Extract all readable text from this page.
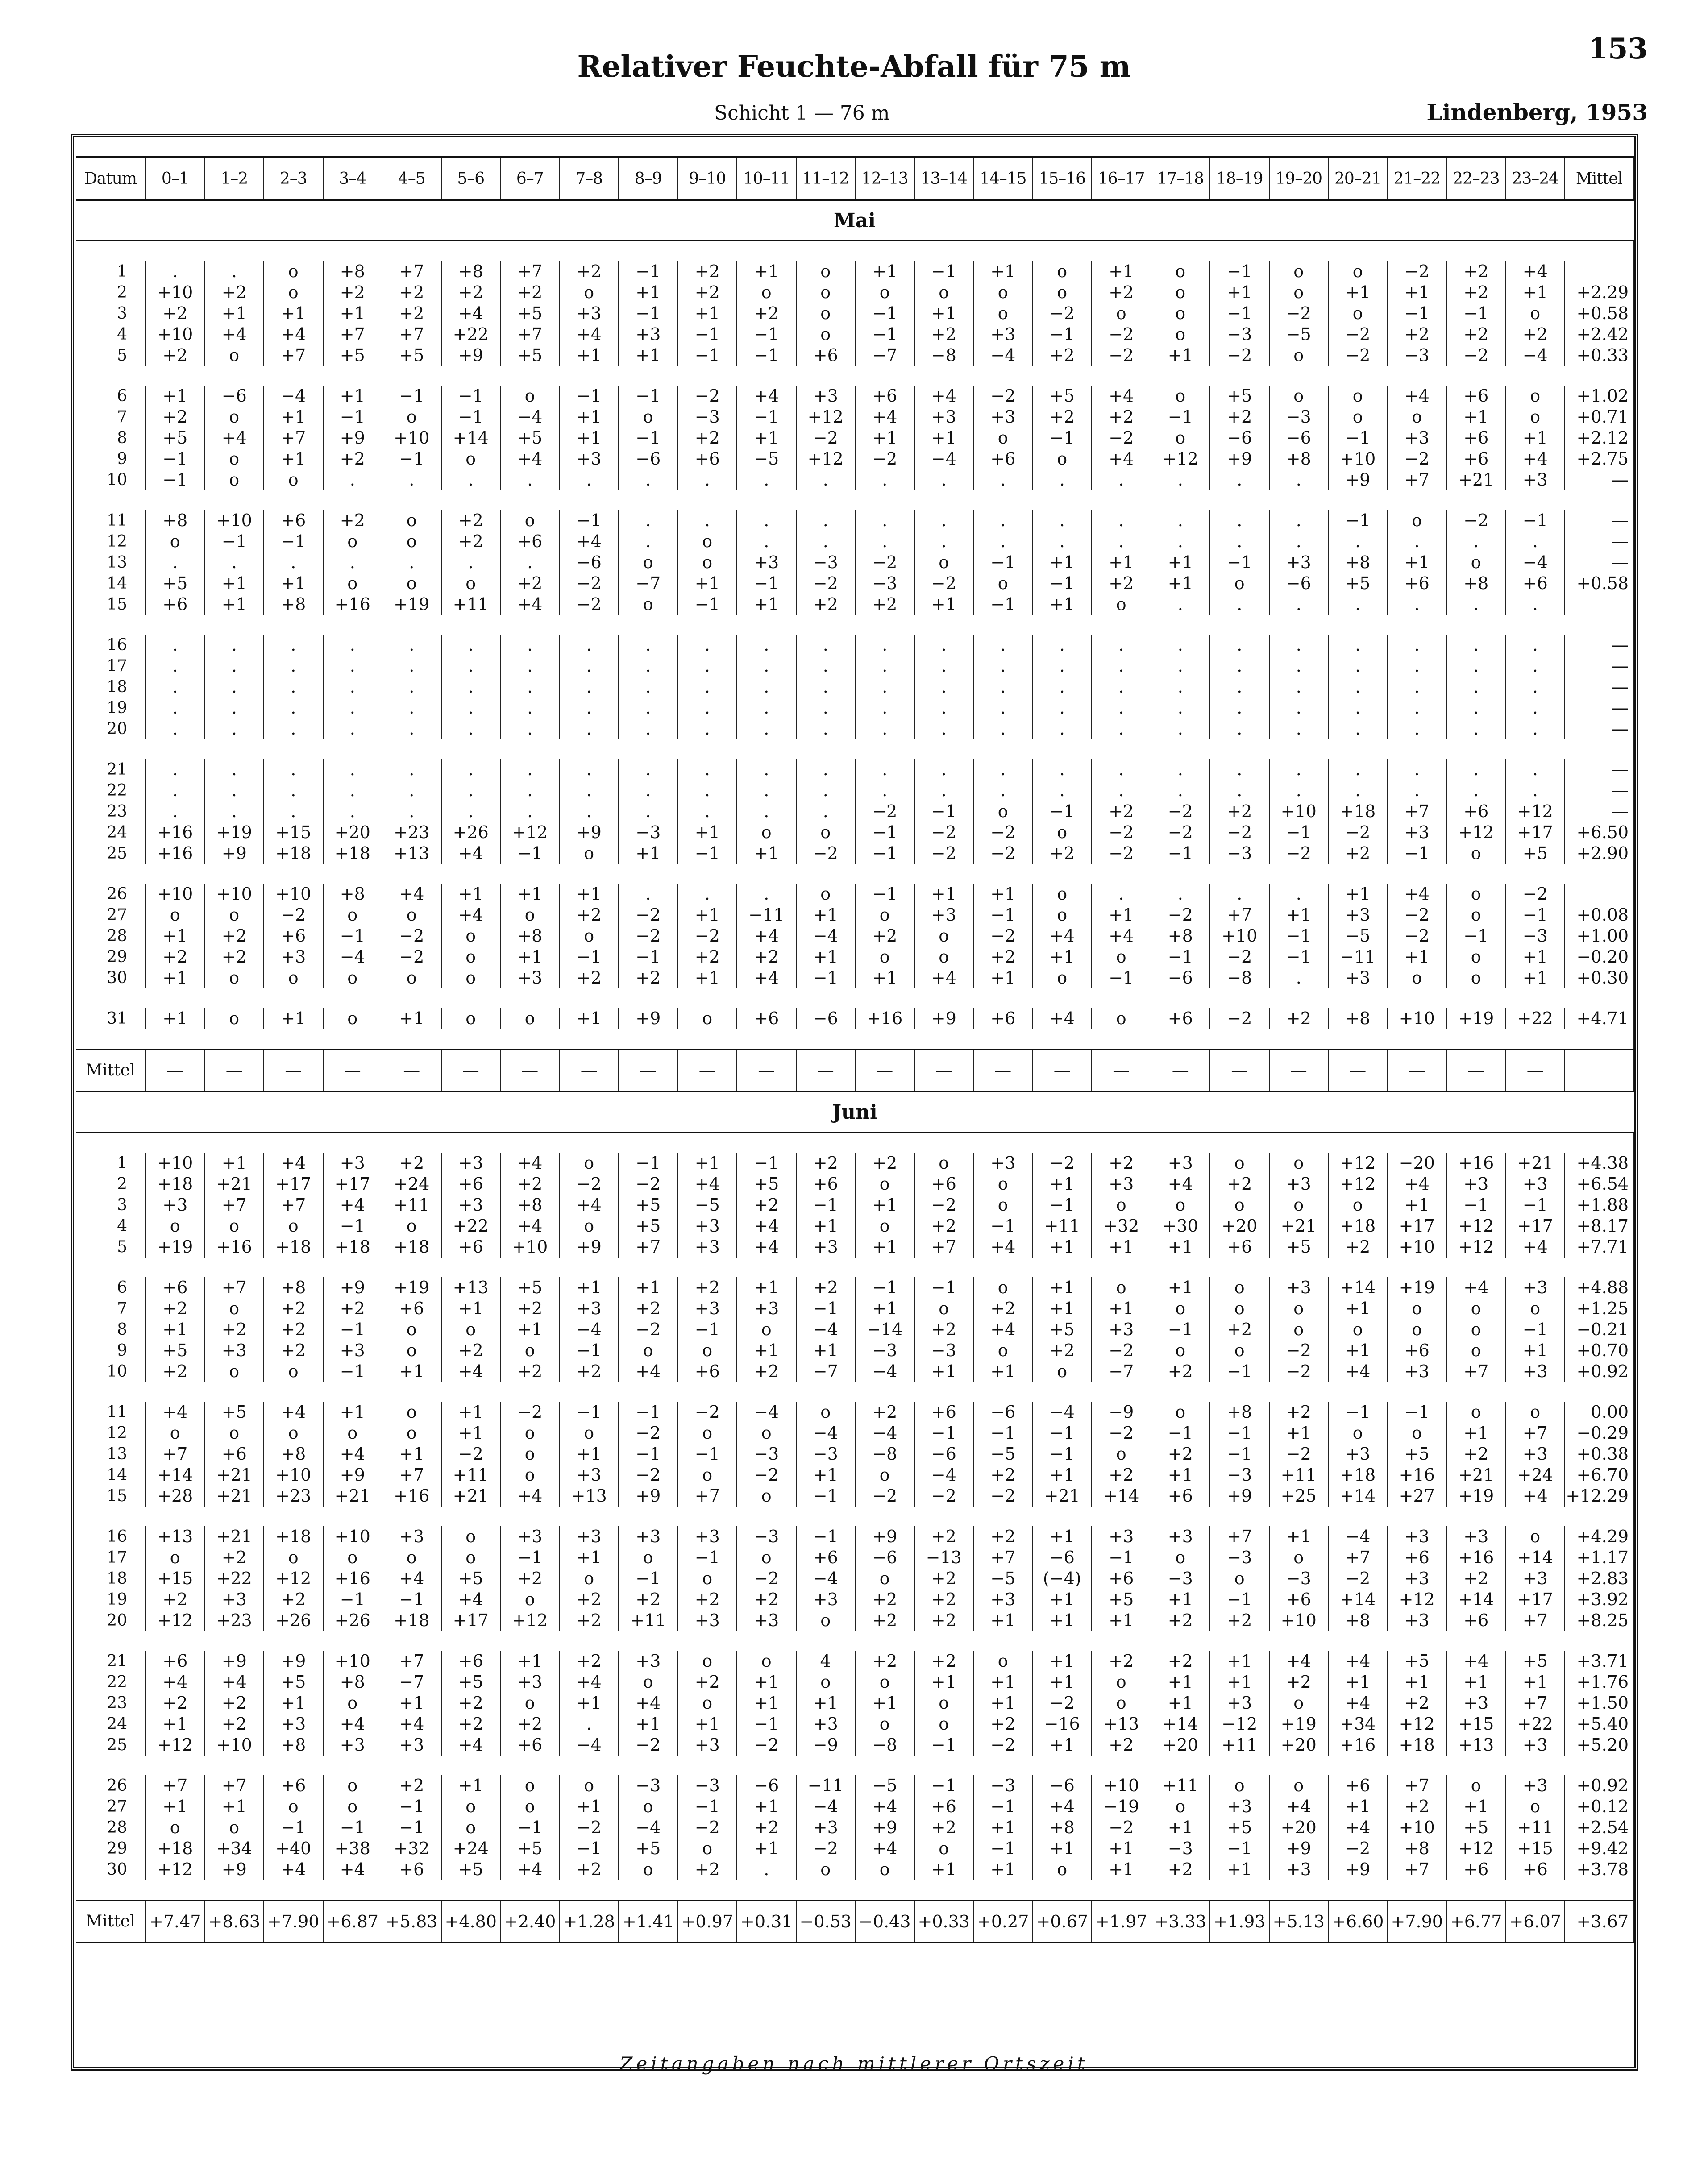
153
Relativer Feuchte-Abfall für 75 m
Schicht 1 — 76 m	Lindenberg, 1953
Datum	0–1	1–2	2–3	3–4	4–5	5–6	6–7	7–8	8–9	9–10	10–11	11–12	12–13	13–14	14–15	15–16	16–17	17–18	18–19	19–20	20–21	21–22	22–23	23–24	Mittel
Mai																									

1	.	.	o	+8	+7	+8	+7	+2	−1	+2	+1	o	+1	−1	+1	o	+1	o	−1	o	o	−2	+2	+4	
2	+10	+2	o	+2	+2	+2	+2	o	+1	+2	o	o	o	o	o	o	+2	o	+1	o	+1	+1	+2	+1	+2.29
3	+2	+1	+1	+1	+2	+4	+5	+3	−1	+1	+2	o	−1	+1	o	−2	o	o	−1	−2	o	−1	−1	o	+0.58
4	+10	+4	+4	+7	+7	+22	+7	+4	+3	−1	−1	o	−1	+2	+3	−1	−2	o	−3	−5	−2	+2	+2	+2	+2.42
5	+2	o	+7	+5	+5	+9	+5	+1	+1	−1	−1	+6	−7	−8	−4	+2	−2	+1	−2	o	−2	−3	−2	−4	+0.33

6	+1	−6	−4	+1	−1	−1	o	−1	−1	−2	+4	+3	+6	+4	−2	+5	+4	o	+5	o	o	+4	+6	o	+1.02
7	+2	o	+1	−1	o	−1	−4	+1	o	−3	−1	+12	+4	+3	+3	+2	+2	−1	+2	−3	o	o	+1	o	+0.71
8	+5	+4	+7	+9	+10	+14	+5	+1	−1	+2	+1	−2	+1	+1	o	−1	−2	o	−6	−6	−1	+3	+6	+1	+2.12
9	−1	o	+1	+2	−1	o	+4	+3	−6	+6	−5	+12	−2	−4	+6	o	+4	+12	+9	+8	+10	−2	+6	+4	+2.75
10	−1	o	o	.	.	.	.	.	.	.	.	.	.	.	.	.	.	.	.	.	+9	+7	+21	+3	—

11	+8	+10	+6	+2	o	+2	o	−1	.	.	.	.	.	.	.	.	.	.	.	.	−1	o	−2	−1	—
12	o	−1	−1	o	o	+2	+6	+4	.	o	.	.	.	.	.	.	.	.	.	.	.	.	.	.	—
13	.	.	.	.	.	.	.	−6	o	o	+3	−3	−2	o	−1	+1	+1	+1	−1	+3	+8	+1	o	−4	—
14	+5	+1	+1	o	o	o	+2	−2	−7	+1	−1	−2	−3	−2	o	−1	+2	+1	o	−6	+5	+6	+8	+6	+0.58
15	+6	+1	+8	+16	+19	+11	+4	−2	o	−1	+1	+2	+2	+1	−1	+1	o	.	.	.	.	.	.	.	

16	.	.	.	.	.	.	.	.	.	.	.	.	.	.	.	.	.	.	.	.	.	.	.	.	—
17	.	.	.	.	.	.	.	.	.	.	.	.	.	.	.	.	.	.	.	.	.	.	.	.	—
18	.	.	.	.	.	.	.	.	.	.	.	.	.	.	.	.	.	.	.	.	.	.	.	.	—
19	.	.	.	.	.	.	.	.	.	.	.	.	.	.	.	.	.	.	.	.	.	.	.	.	—
20	.	.	.	.	.	.	.	.	.	.	.	.	.	.	.	.	.	.	.	.	.	.	.	.	—

21	.	.	.	.	.	.	.	.	.	.	.	.	.	.	.	.	.	.	.	.	.	.	.	.	—
22	.	.	.	.	.	.	.	.	.	.	.	.	.	.	.	.	.	.	.	.	.	.	.	.	—
23	.	.	.	.	.	.	.	.	.	.	.	.	−2	−1	o	−1	+2	−2	+2	+10	+18	+7	+6	+12	—
24	+16	+19	+15	+20	+23	+26	+12	+9	−3	+1	o	o	−1	−2	−2	o	−2	−2	−2	−1	−2	+3	+12	+17	+6.50
25	+16	+9	+18	+18	+13	+4	−1	o	+1	−1	+1	−2	−1	−2	−2	+2	−2	−1	−3	−2	+2	−1	o	+5	+2.90

26	+10	+10	+10	+8	+4	+1	+1	+1	.	.	.	o	−1	+1	+1	o	.	.	.	.	+1	+4	o	−2	
27	o	o	−2	o	o	+4	o	+2	−2	+1	−11	+1	o	+3	−1	o	+1	−2	+7	+1	+3	−2	o	−1	+0.08
28	+1	+2	+6	−1	−2	o	+8	o	−2	−2	+4	−4	+2	o	−2	+4	+4	+8	+10	−1	−5	−2	−1	−3	+1.00
29	+2	+2	+3	−4	−2	o	+1	−1	−1	+2	+2	+1	o	o	+2	+1	o	−1	−2	−1	−11	+1	o	+1	−0.20
30	+1	o	o	o	o	o	+3	+2	+2	+1	+4	−1	+1	+4	+1	o	−1	−6	−8	.	+3	o	o	+1	+0.30

31	+1	o	+1	o	+1	o	o	+1	+9	o	+6	−6	+16	+9	+6	+4	o	+6	−2	+2	+8	+10	+19	+22	+4.71

Mittel	—	—	—	—	—	—	—	—	—	—	—	—	—	—	—	—	—	—	—	—	—	—	—	—	
Juni																									

1	+10	+1	+4	+3	+2	+3	+4	o	−1	+1	−1	+2	+2	o	+3	−2	+2	+3	o	o	+12	−20	+16	+21	+4.38
2	+18	+21	+17	+17	+24	+6	+2	−2	−2	+4	+5	+6	o	+6	o	+1	+3	+4	+2	+3	+12	+4	+3	+3	+6.54
3	+3	+7	+7	+4	+11	+3	+8	+4	+5	−5	+2	−1	+1	−2	o	−1	o	o	o	o	o	+1	−1	−1	+1.88
4	o	o	o	−1	o	+22	+4	o	+5	+3	+4	+1	o	+2	−1	+11	+32	+30	+20	+21	+18	+17	+12	+17	+8.17
5	+19	+16	+18	+18	+18	+6	+10	+9	+7	+3	+4	+3	+1	+7	+4	+1	+1	+1	+6	+5	+2	+10	+12	+4	+7.71

6	+6	+7	+8	+9	+19	+13	+5	+1	+1	+2	+1	+2	−1	−1	o	+1	o	+1	o	+3	+14	+19	+4	+3	+4.88
7	+2	o	+2	+2	+6	+1	+2	+3	+2	+3	+3	−1	+1	o	+2	+1	+1	o	o	o	+1	o	o	o	+1.25
8	+1	+2	+2	−1	o	o	+1	−4	−2	−1	o	−4	−14	+2	+4	+5	+3	−1	+2	o	o	o	o	−1	−0.21
9	+5	+3	+2	+3	o	+2	o	−1	o	o	+1	+1	−3	−3	o	+2	−2	o	o	−2	+1	+6	o	+1	+0.70
10	+2	o	o	−1	+1	+4	+2	+2	+4	+6	+2	−7	−4	+1	+1	o	−7	+2	−1	−2	+4	+3	+7	+3	+0.92

11	+4	+5	+4	+1	o	+1	−2	−1	−1	−2	−4	o	+2	+6	−6	−4	−9	o	+8	+2	−1	−1	o	o	0.00
12	o	o	o	o	o	+1	o	o	−2	o	o	−4	−4	−1	−1	−1	−2	−1	−1	+1	o	o	+1	+7	−0.29
13	+7	+6	+8	+4	+1	−2	o	+1	−1	−1	−3	−3	−8	−6	−5	−1	o	+2	−1	−2	+3	+5	+2	+3	+0.38
14	+14	+21	+10	+9	+7	+11	o	+3	−2	o	−2	+1	o	−4	+2	+1	+2	+1	−3	+11	+18	+16	+21	+24	+6.70
15	+28	+21	+23	+21	+16	+21	+4	+13	+9	+7	o	−1	−2	−2	−2	+21	+14	+6	+9	+25	+14	+27	+19	+4	+12.29

16	+13	+21	+18	+10	+3	o	+3	+3	+3	+3	−3	−1	+9	+2	+2	+1	+3	+3	+7	+1	−4	+3	+3	o	+4.29
17	o	+2	o	o	o	o	−1	+1	o	−1	o	+6	−6	−13	+7	−6	−1	o	−3	o	+7	+6	+16	+14	+1.17
18	+15	+22	+12	+16	+4	+5	+2	o	−1	o	−2	−4	o	+2	−5	(−4)	+6	−3	o	−3	−2	+3	+2	+3	+2.83
19	+2	+3	+2	−1	−1	+4	o	+2	+2	+2	+2	+3	+2	+2	+3	+1	+5	+1	−1	+6	+14	+12	+14	+17	+3.92
20	+12	+23	+26	+26	+18	+17	+12	+2	+11	+3	+3	o	+2	+2	+1	+1	+1	+2	+2	+10	+8	+3	+6	+7	+8.25

21	+6	+9	+9	+10	+7	+6	+1	+2	+3	o	o	4	+2	+2	o	+1	+2	+2	+1	+4	+4	+5	+4	+5	+3.71
22	+4	+4	+5	+8	−7	+5	+3	+4	o	+2	+1	o	o	+1	+1	+1	o	+1	+1	+2	+1	+1	+1	+1	+1.76
23	+2	+2	+1	o	+1	+2	o	+1	+4	o	+1	+1	+1	o	+1	−2	o	+1	+3	o	+4	+2	+3	+7	+1.50
24	+1	+2	+3	+4	+4	+2	+2	.	+1	+1	−1	+3	o	o	+2	−16	+13	+14	−12	+19	+34	+12	+15	+22	+5.40
25	+12	+10	+8	+3	+3	+4	+6	−4	−2	+3	−2	−9	−8	−1	−2	+1	+2	+20	+11	+20	+16	+18	+13	+3	+5.20

26	+7	+7	+6	o	+2	+1	o	o	−3	−3	−6	−11	−5	−1	−3	−6	+10	+11	o	o	+6	+7	o	+3	+0.92
27	+1	+1	o	o	−1	o	o	+1	o	−1	+1	−4	+4	+6	−1	+4	−19	o	+3	+4	+1	+2	+1	o	+0.12
28	o	o	−1	−1	−1	o	−1	−2	−4	−2	+2	+3	+9	+2	+1	+8	−2	+1	+5	+20	+4	+10	+5	+11	+2.54
29	+18	+34	+40	+38	+32	+24	+5	−1	+5	o	+1	−2	+4	o	−1	+1	+1	−3	−1	+9	−2	+8	+12	+15	+9.42
30	+12	+9	+4	+4	+6	+5	+4	+2	o	+2	.	o	o	+1	+1	o	+1	+2	+1	+3	+9	+7	+6	+6	+3.78

Mittel	+7.47	+8.63	+7.90	+6.87	+5.83	+4.80	+2.40	+1.28	+1.41	+0.97	+0.31	−0.53	−0.43	+0.33	+0.27	+0.67	+1.97	+3.33	+1.93	+5.13	+6.60	+7.90	+6.77	+6.07	+3.67
Zeitangaben nach mittlerer Ortszeit
